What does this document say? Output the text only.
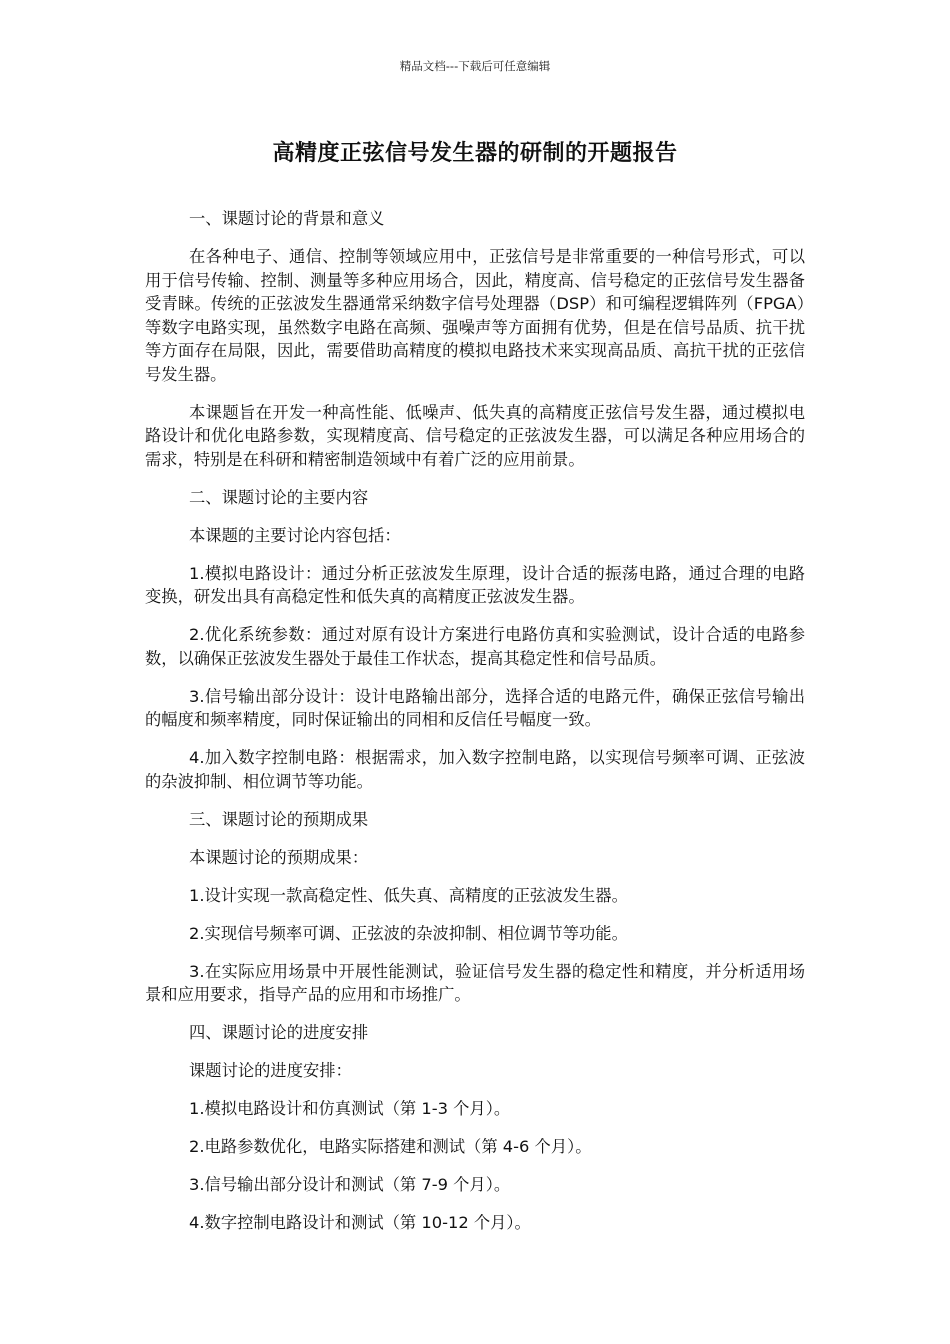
精品文档---下载后可任意编辑
高精度正弦信号发生器的研制的开题报告

一、课题讨论的背景和意义

在各种电子、通信、控制等领域应用中，正弦信号是非常重要的一种信号形式，可以用于信号传输、控制、测量等多种应用场合，因此，精度高、信号稳定的正弦信号发生器备受青睐。传统的正弦波发生器通常采纳数字信号处理器（DSP）和可编程逻辑阵列（FPGA）等数字电路实现，虽然数字电路在高频、强噪声等方面拥有优势，但是在信号品质、抗干扰等方面存在局限，因此，需要借助高精度的模拟电路技术来实现高品质、高抗干扰的正弦信号发生器。

本课题旨在开发一种高性能、低噪声、低失真的高精度正弦信号发生器，通过模拟电路设计和优化电路参数，实现精度高、信号稳定的正弦波发生器，可以满足各种应用场合的需求，特别是在科研和精密制造领域中有着广泛的应用前景。

二、课题讨论的主要内容

本课题的主要讨论内容包括：

1.模拟电路设计：通过分析正弦波发生原理，设计合适的振荡电路，通过合理的电路变换，研发出具有高稳定性和低失真的高精度正弦波发生器。

2.优化系统参数：通过对原有设计方案进行电路仿真和实验测试，设计合适的电路参数，以确保正弦波发生器处于最佳工作状态，提高其稳定性和信号品质。

3.信号输出部分设计：设计电路输出部分，选择合适的电路元件，确保正弦信号输出的幅度和频率精度，同时保证输出的同相和反信任号幅度一致。

4.加入数字控制电路：根据需求，加入数字控制电路，以实现信号频率可调、正弦波的杂波抑制、相位调节等功能。

三、课题讨论的预期成果

本课题讨论的预期成果：

1.设计实现一款高稳定性、低失真、高精度的正弦波发生器。

2.实现信号频率可调、正弦波的杂波抑制、相位调节等功能。

3.在实际应用场景中开展性能测试，验证信号发生器的稳定性和精度，并分析适用场景和应用要求，指导产品的应用和市场推广。

四、课题讨论的进度安排

课题讨论的进度安排：

1.模拟电路设计和仿真测试（第 1-3 个月）。

2.电路参数优化，电路实际搭建和测试（第 4-6 个月）。

3.信号输出部分设计和测试（第 7-9 个月）。

4.数字控制电路设计和测试（第 10-12 个月）。
